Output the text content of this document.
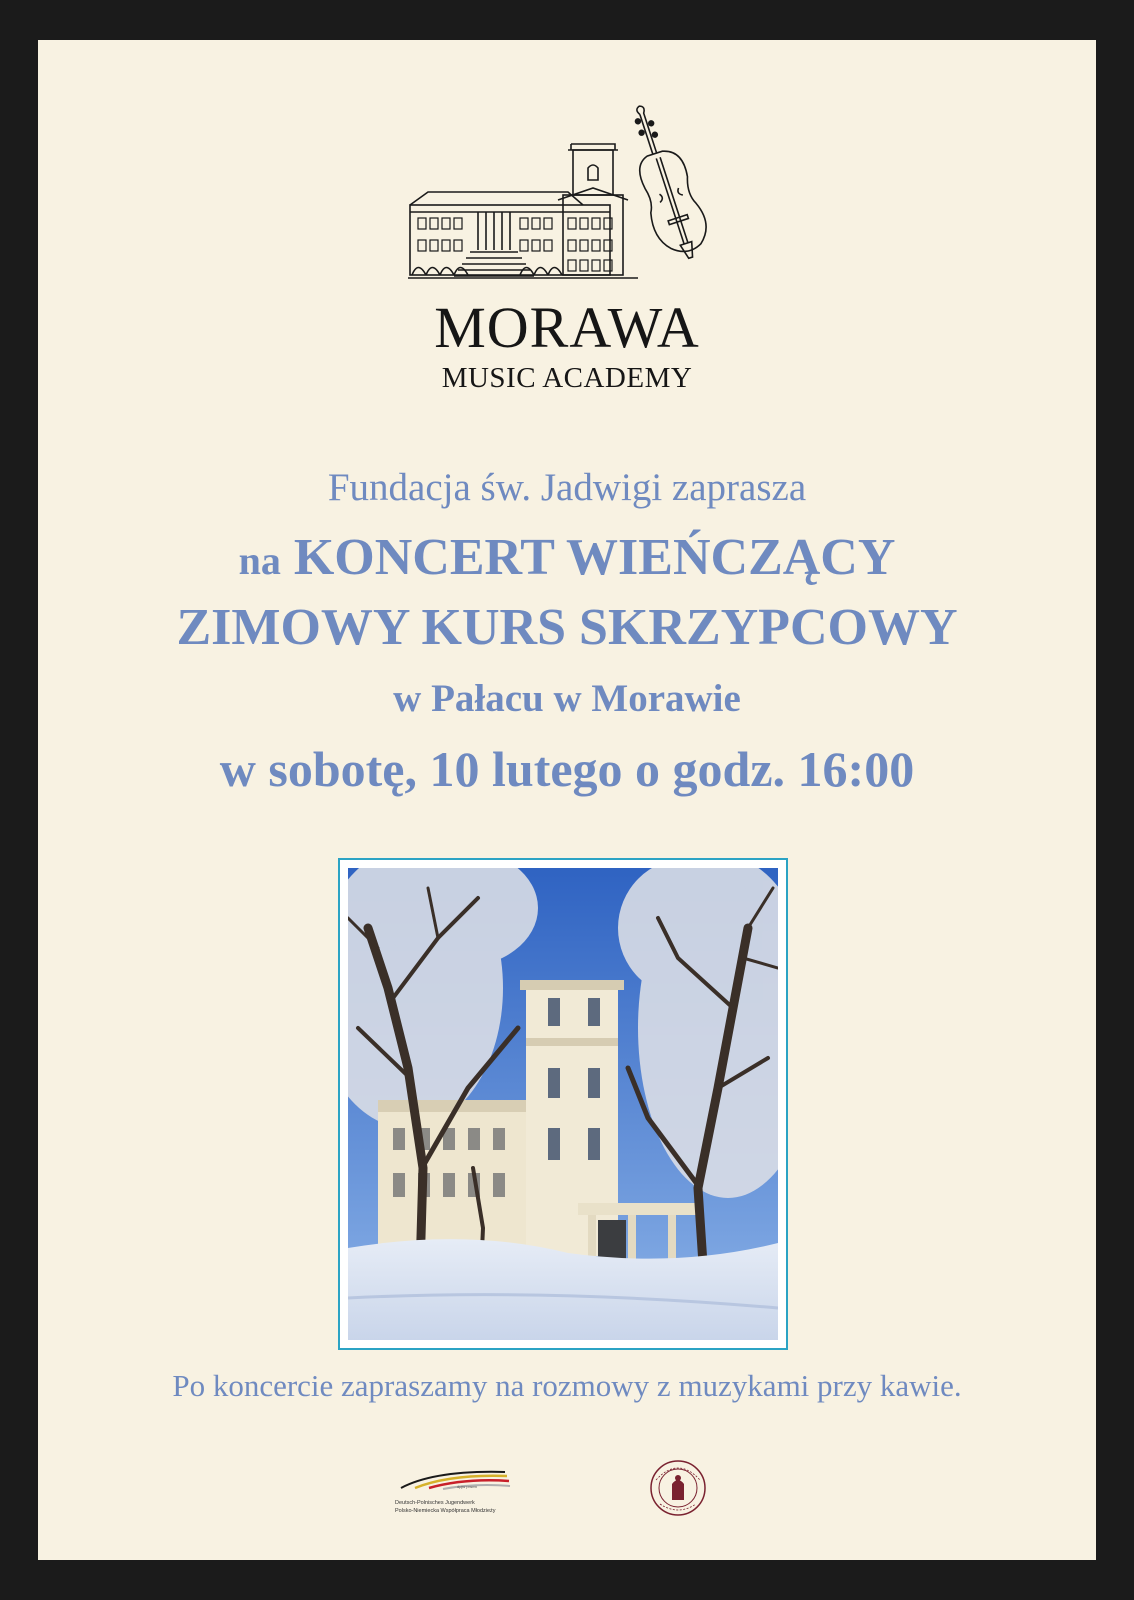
MORAWA
MUSIC ACADEMY
Fundacja św. Jadwigi zaprasza
na KONCERT WIEŃCZĄCY
ZIMOWY KURS SKRZYPCOWY
w Pałacu w Morawie
w sobotę, 10 lutego o godz. 16:00
Po koncercie zapraszamy na rozmowy z muzykami przy kawie.
dpjw pnwm
Deutsch-Polnisches Jugendwerk
Polsko-Niemiecka Współpraca Młodzieży
